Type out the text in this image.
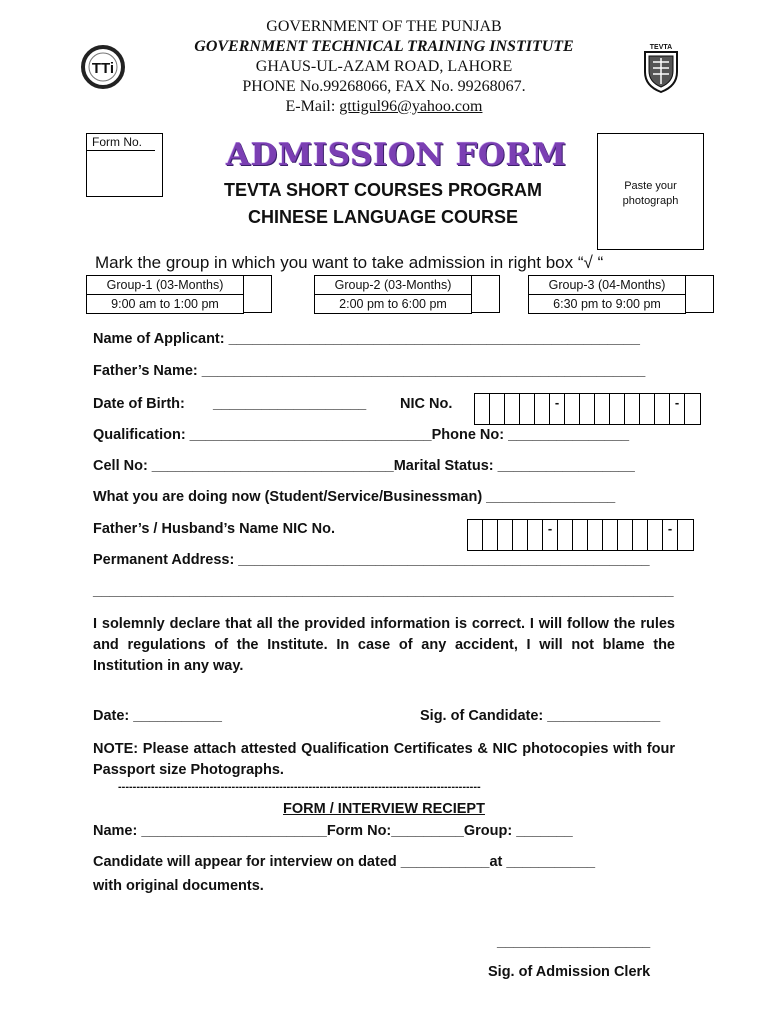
GOVERNMENT OF THE PUNJAB
GOVERNMENT TECHNICAL TRAINING INSTITUTE
GHAUS-UL-AZAM ROAD, LAHORE
PHONE No.99268066, FAX No. 99268067.
E-Mail: gttigul96@yahoo.com
TTi
TEVTA
Form No.	ADMISSION FORM
TEVTA SHORT COURSES PROGRAM
CHINESE LANGUAGE COURSE
Paste your photograph
Mark the group in which you want to take admission in right box “√ “
Group-1 (03-Months)
9:00 am to 1:00 pm
Group-2 (03-Months)
2:00 pm to 6:00 pm
Group-3 (04-Months)
6:30 pm to 9:00 pm
Name of Applicant: ___________________________________________________
Father’s Name: _______________________________________________________
Date of Birth:       ___________________ NIC No.	-	-
Qualification: ______________________________Phone No: _______________
Cell No: ______________________________Marital Status: _________________
What you are doing now (Student/Service/Businessman) ________________
Father’s / Husband’s Name NIC No.	-	-
Permanent Address: ___________________________________________________
________________________________________________________________________
I solemnly declare that all the provided information is correct. I will follow the rules and regulations of the Institute. In case of any accident, I will not blame the Institution in any way.
Date: ___________	Sig. of Candidate: ______________
NOTE: Please attach attested Qualification Certificates & NIC photocopies with four Passport size Photographs.
---------------------------------------------------------------------------------------------------
FORM / INTERVIEW RECIEPT
Name: _______________________Form No:_________Group: _______
Candidate will appear for interview on dated ___________at ___________
with original documents.
___________________
Sig. of Admission Clerk
